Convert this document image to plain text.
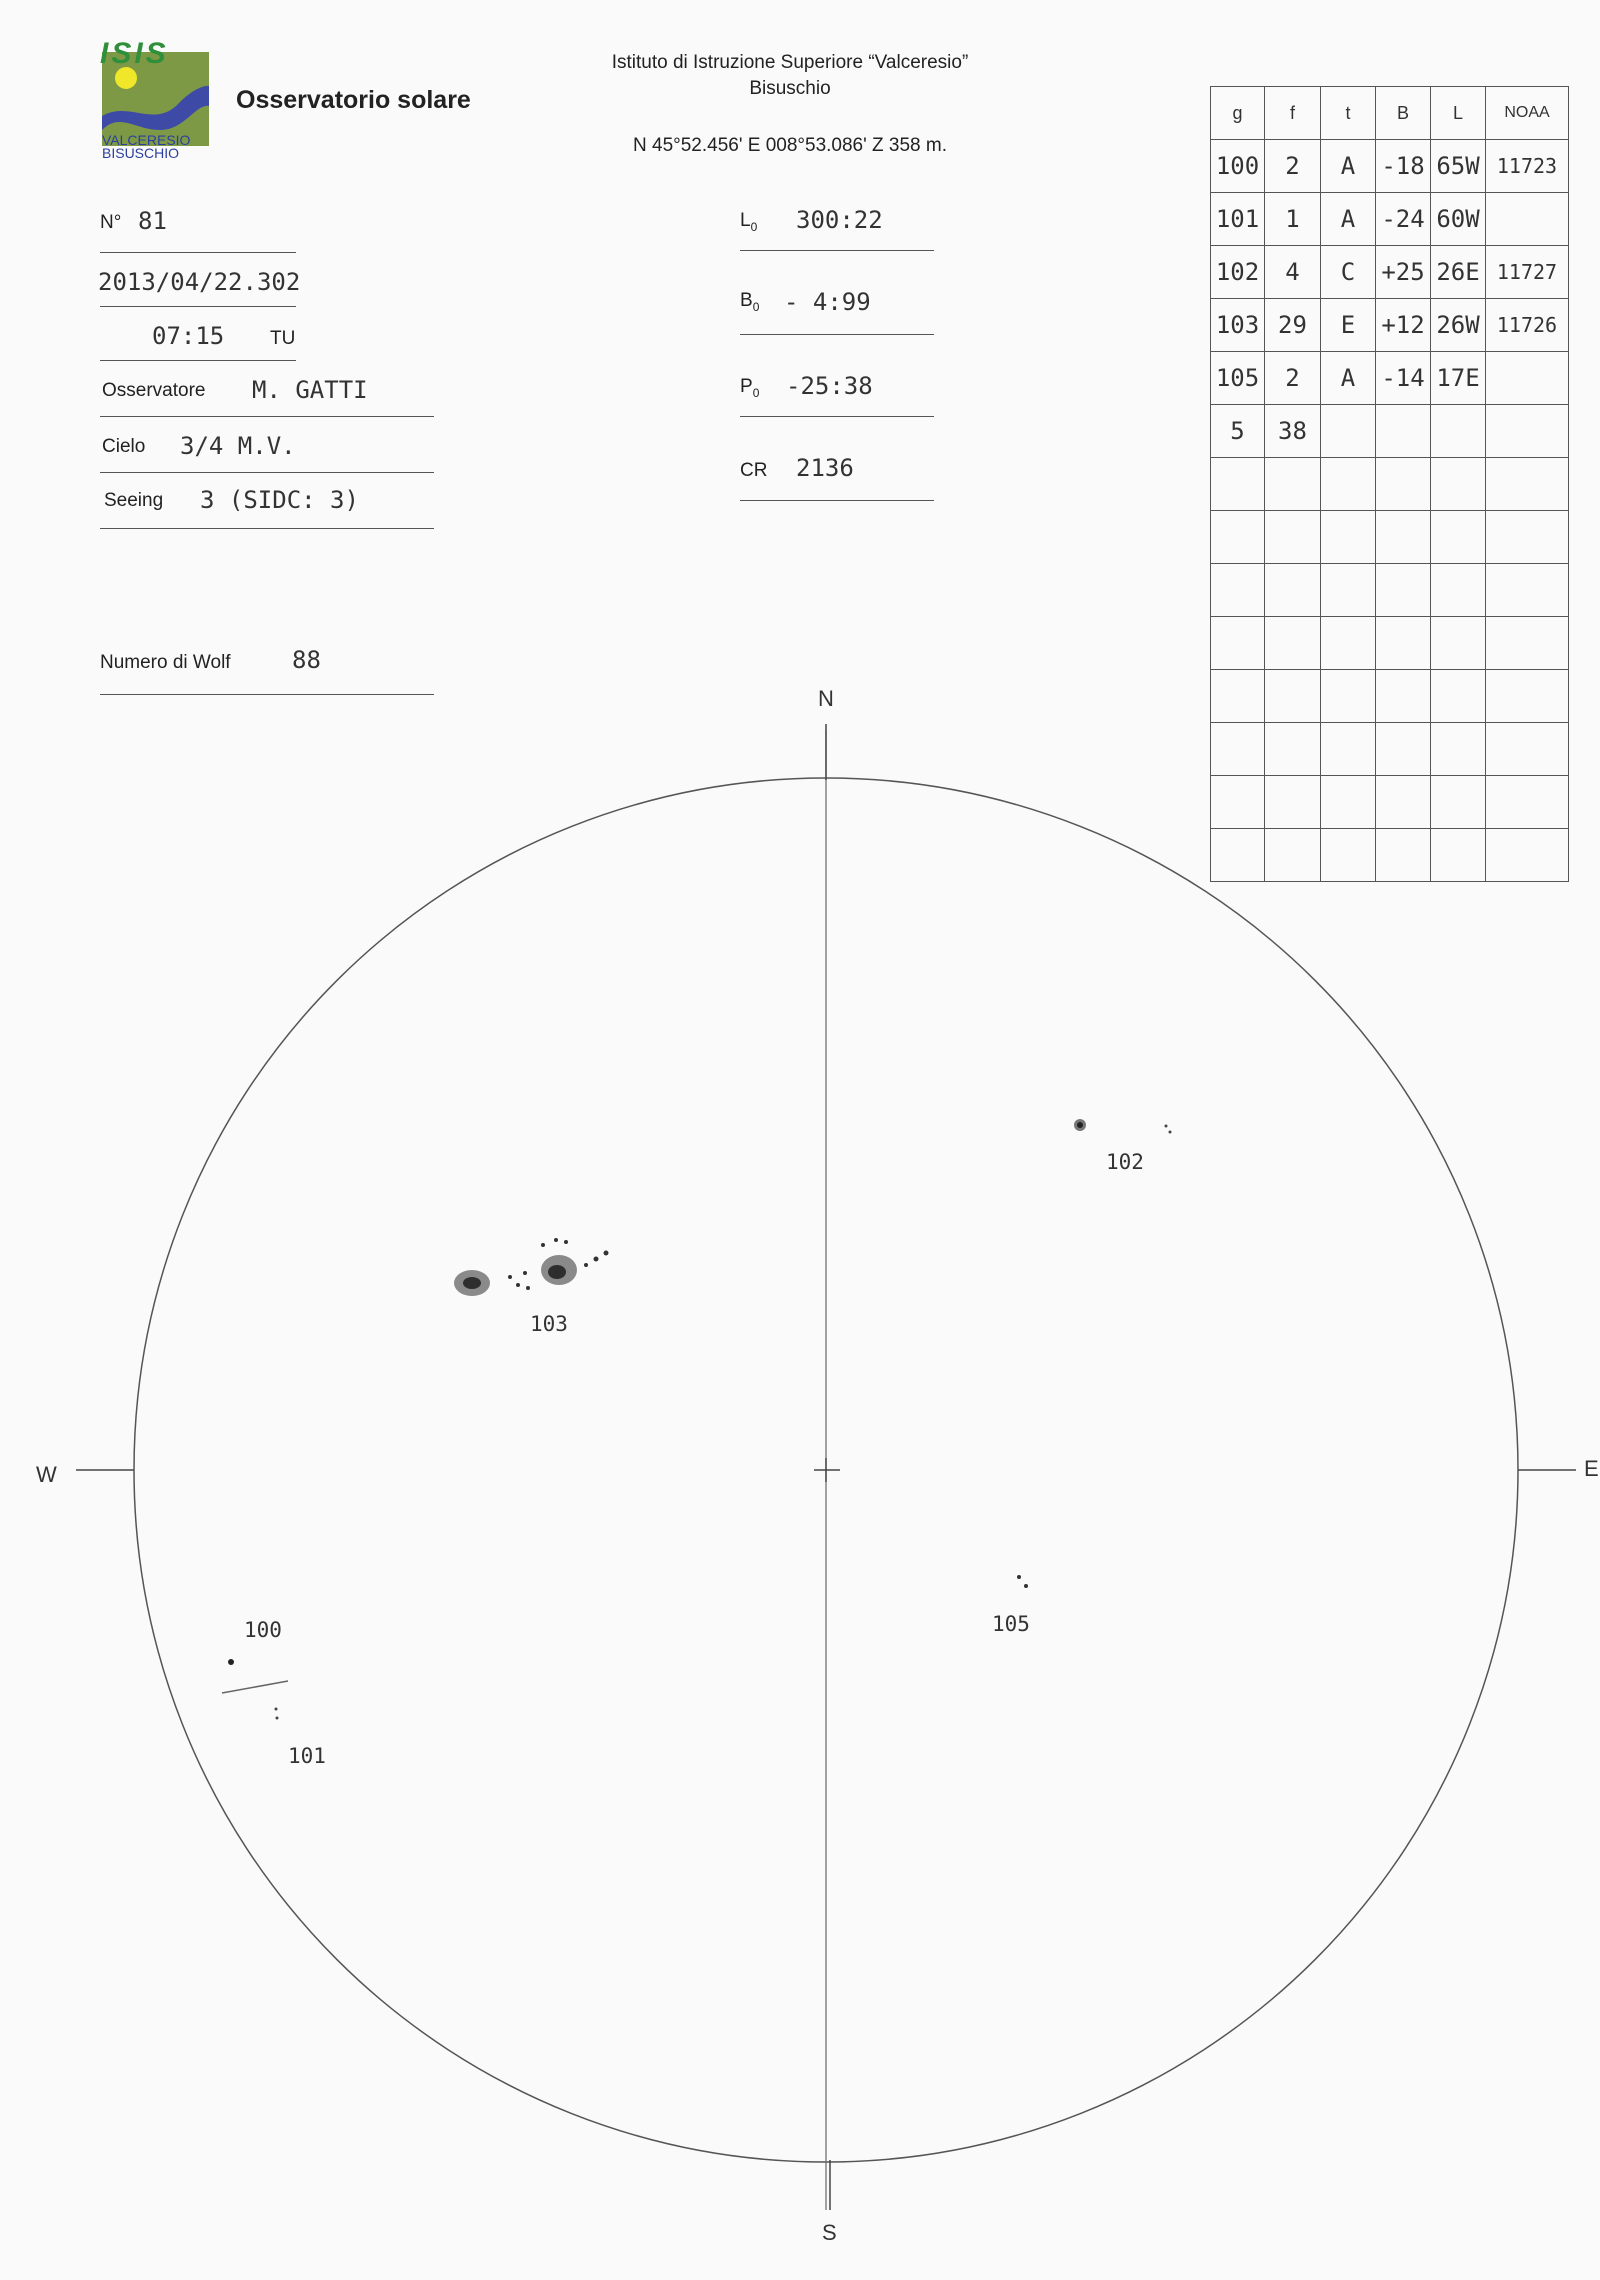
ISIS
VALCERESIO
BISUSCHIO
Osservatorio solare
Istituto di Istruzione Superiore “Valceresio”
Bisuschio
N 45°52.456' E 008°53.086' Z 358 m.
N° 81
2013/04/22.302
07:15 TU
Osservatore M. GATTI
Cielo 3/4 M.V.
Seeing 3 (SIDC: 3)
Numero di Wolf	88
$L_0$ 300:22
$B_0$ - 4:99
$P_0$ -25:38
CR 2136
g	f	t	B	L	NOAA
100	2	A	-18	65W	11723
101	1	A	-24	60W	
102	4	C	+25	26E	11727
103	29	E	+12	26W	11726
105	2	A	-14	17E	
5	38				

N
S
E
W
100
101
102
103
105
